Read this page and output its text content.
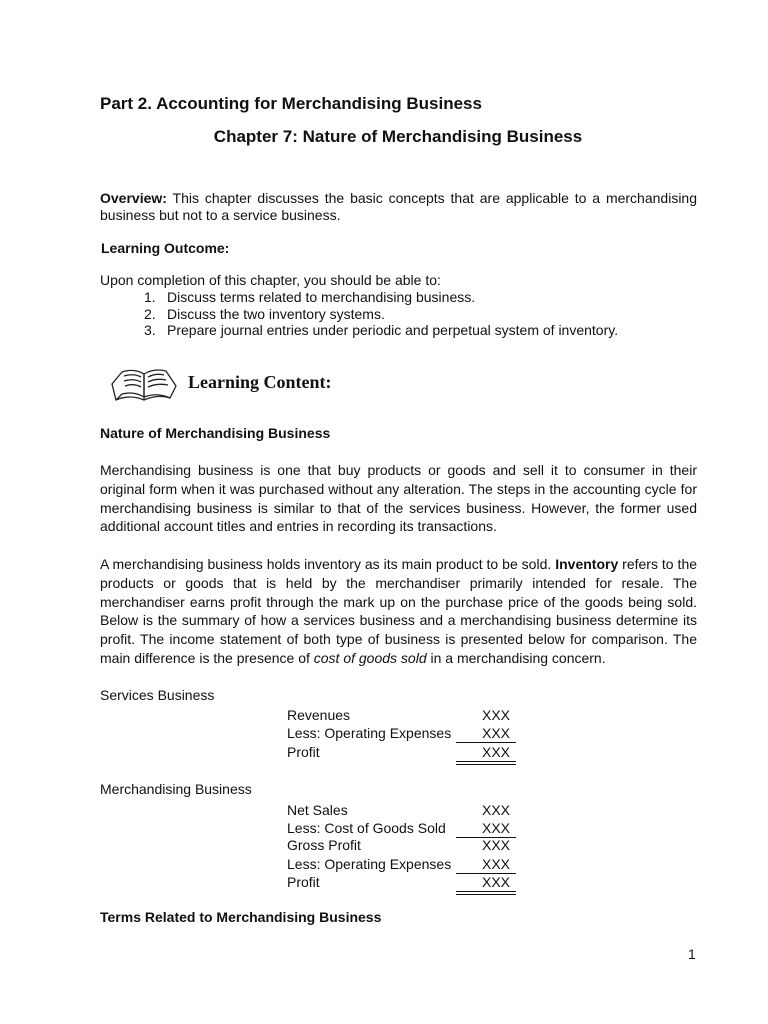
Part 2. Accounting for Merchandising Business
Chapter 7: Nature of Merchandising Business
Overview: This chapter discusses the basic concepts that are applicable to a merchandising business but not to a service business.
Learning Outcome:
Upon completion of this chapter, you should be able to:
1. Discuss terms related to merchandising business.
2. Discuss the two inventory systems.
3. Prepare journal entries under periodic and perpetual system of inventory.
Learning Content:
Nature of Merchandising Business
Merchandising business is one that buy products or goods and sell it to consumer in their original form when it was purchased without any alteration. The steps in the accounting cycle for merchandising business is similar to that of the services business. However, the former used additional account titles and entries in recording its transactions.
A merchandising business holds inventory as its main product to be sold. Inventory refers to the products or goods that is held by the merchandiser primarily intended for resale. The merchandiser earns profit through the mark up on the purchase price of the goods being sold. Below is the summary of how a services business and a merchandising business determine its profit. The income statement of both type of business is presented below for comparison. The main difference is the presence of cost of goods sold in a merchandising concern.
Services Business
Revenues	XXX
Less: Operating Expenses XXX
Profit	XXX
Merchandising Business
Net Sales	XXX
Less: Cost of Goods Sold	XXX
Gross Profit	XXX
Less: Operating Expenses XXX
Profit	XXX
Terms Related to Merchandising Business
1
